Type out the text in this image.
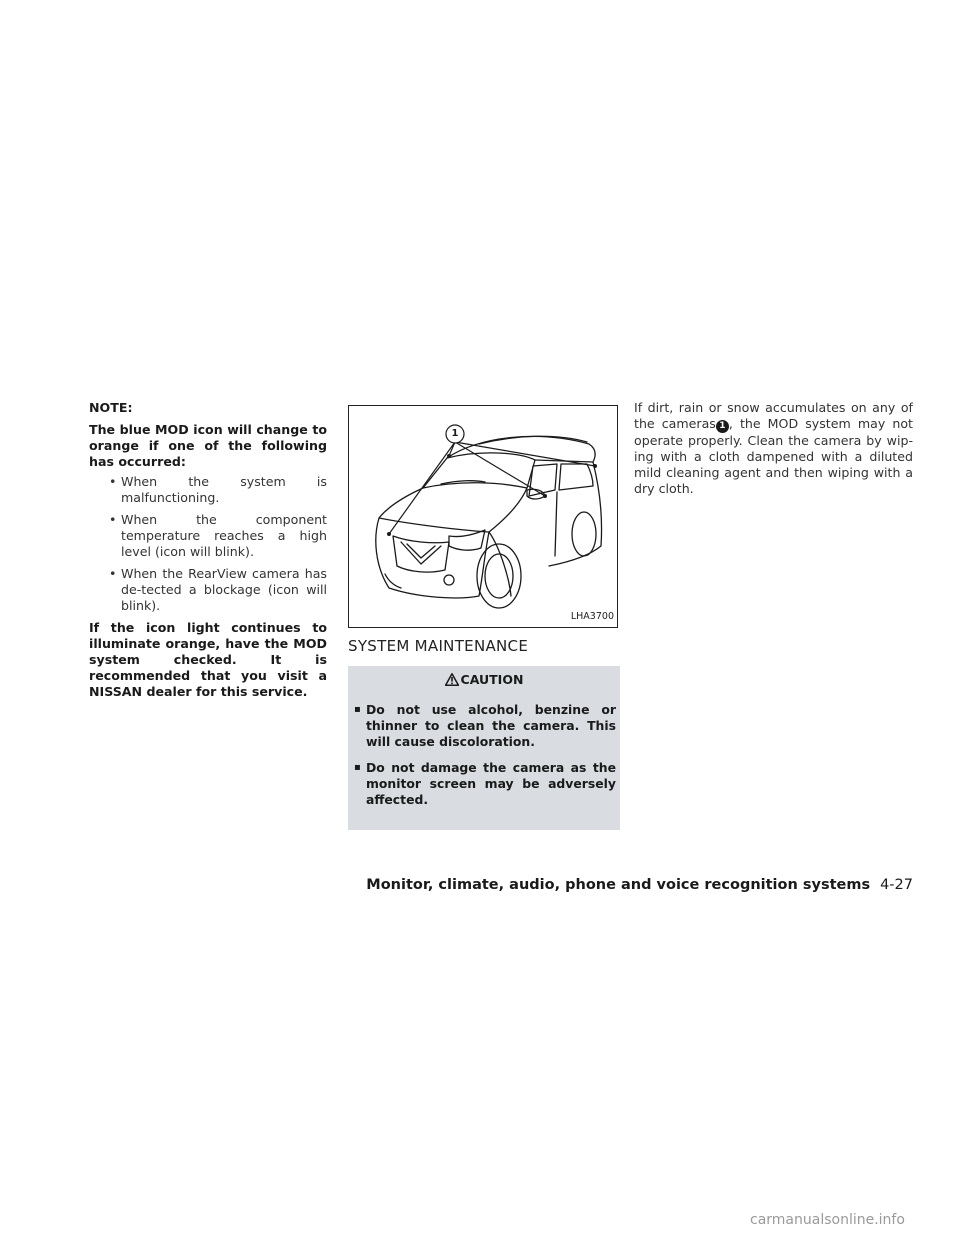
NOTE:

The blue MOD icon will change to orange if one of the following has occurred:

• When the system is malfunctioning.
• When the component temperature reaches a high level (icon will blink).
• When the RearView camera has de-tected a blockage (icon will blink).

If the icon light continues to illuminate orange, have the MOD system checked. It is recommended that you visit a NISSAN dealer for this service.

1
LHA3700
SYSTEM MAINTENANCE
CAUTION
▪ Do not use alcohol, benzine or thinner to clean the camera. This will cause discoloration.
▪ Do not damage the camera as the monitor screen may be adversely affected.

If dirt, rain or snow accumulates on any of the cameras 1 , the MOD system may not operate properly. Clean the camera by wip-ing with a cloth dampened with a diluted mild cleaning agent and then wiping with a dry cloth.

Monitor, climate, audio, phone and voice recognition systems 4-27
carmanualsonline.info
